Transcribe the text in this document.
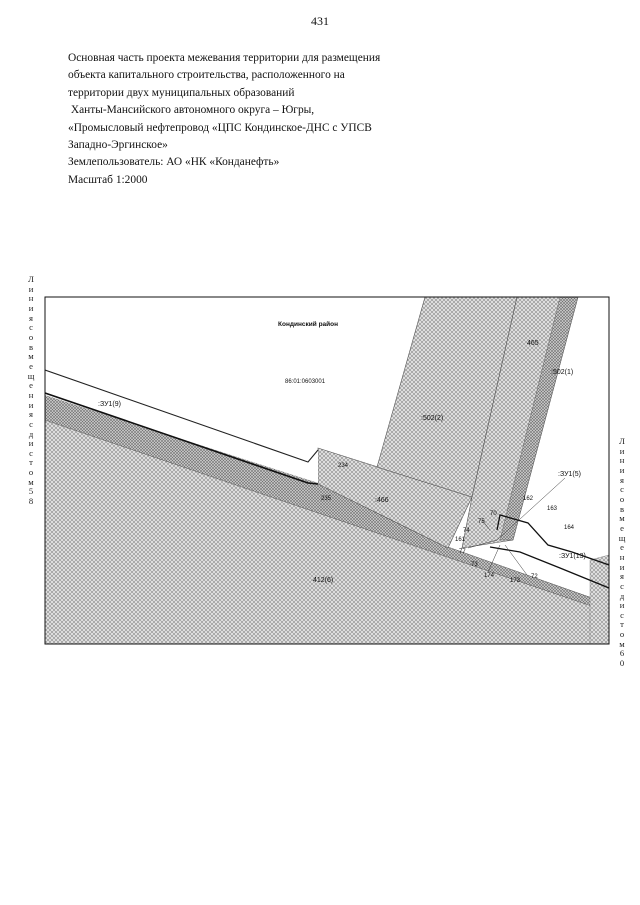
431
Основная часть проекта межевания территории для размещения
объекта капитального строительства, расположенного на
территории двух муниципальных образований
Ханты-Мансийского автономного округа – Югры,
«Промысловый нефтепровод «ЦПС Кондинское-ДНС с УПСВ
Западно-Эргинское»
Землепользователь: АО «НК «Конданефть»
Масштаб 1:2000
Л
и
н
и
я
с
о
в
м
е
щ
е
н
и
я
с
д
и
с
т
о
м
5
8
Л
и
н
и
я
с
о
в
м
е
щ
е
н
и
я
с
д
и
с
т
о
м
6
0
Кондинский район
86:01:0603001
:ЗУ1(9)
:502(2)
465
:502(1)
:466
412(6)
:ЗУ1(5)
:ЗУ1(13)
234
235
70
75
74
161
77
73
174
173
72
162
163
164
